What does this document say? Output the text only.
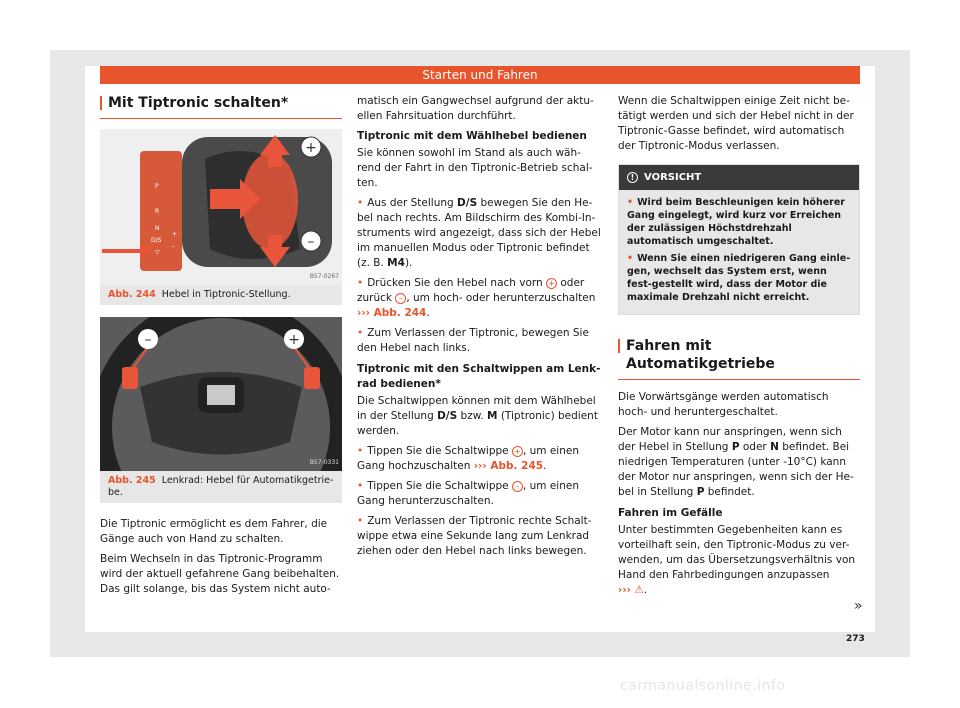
Starten und Fahren
Mit Tiptronic schalten*
+
–
P
R
N
D/S
▽
+
–
B57-0267
Abb. 244 Hebel in Tiptronic-Stellung.
–	+
B57-0331
Abb. 245 Lenkrad: Hebel für Automatikgetrie-be.

Die Tiptronic ermöglicht es dem Fahrer, die Gänge auch von Hand zu schalten.

Beim Wechseln in das Tiptronic-Programm wird der aktuell gefahrene Gang beibehalten. Das gilt solange, bis das System nicht auto-

matisch ein Gangwechsel aufgrund der aktu-ellen Fahrsituation durchführt.

Tiptronic mit dem Wählhebel bedienen

Sie können sowohl im Stand als auch wäh-rend der Fahrt in den Tiptronic-Betrieb schal-ten.

• Aus der Stellung D/S bewegen Sie den He-bel nach rechts. Am Bildschirm des Kombi-In-struments wird angezeigt, dass sich der Hebel im manuellen Modus oder Tiptronic befindet (z. B. M4).

• Drücken Sie den Hebel nach vorn + oder zurück – , um hoch- oder herunterzuschalten ››› Abb. 244.

• Zum Verlassen der Tiptronic, bewegen Sie den Hebel nach links.

Tiptronic mit den Schaltwippen am Lenk-rad bedienen*

Die Schaltwippen können mit dem Wählhebel in der Stellung D/S bzw. M (Tiptronic) bedient werden.

• Tippen Sie die Schaltwippe + , um einen Gang hochzuschalten ››› Abb. 245.

• Tippen Sie die Schaltwippe – , um einen Gang herunterzuschalten.

• Zum Verlassen der Tiptronic rechte Schalt-wippe etwa eine Sekunde lang zum Lenkrad ziehen oder den Hebel nach links bewegen.

Wenn die Schaltwippen einige Zeit nicht be-tätigt werden und sich der Hebel nicht in der Tiptronic-Gasse befindet, wird automatisch der Tiptronic-Modus verlassen.

! VORSICHT
• Wird beim Beschleunigen kein höherer Gang eingelegt, wird kurz vor Erreichen der zulässigen Höchstdrehzahl automatisch umgeschaltet.
• Wenn Sie einen niedrigeren Gang einle-gen, wechselt das System erst, wenn fest-gestellt wird, dass der Motor die maximale Drehzahl nicht erreicht.
Fahren mit Automatikgetriebe

Die Vorwärtsgänge werden automatisch hoch- und heruntergeschaltet.

Der Motor kann nur anspringen, wenn sich der Hebel in Stellung P oder N befindet. Bei niedrigen Temperaturen (unter -10°C) kann der Motor nur anspringen, wenn sich der He-bel in Stellung P befindet.

Fahren im Gefälle

Unter bestimmten Gegebenheiten kann es vorteilhaft sein, den Tiptronic-Modus zu ver-wenden, um das Übersetzungsverhältnis von Hand den Fahrbedingungen anzupassen
››› ⚠.

»
273
carmanualsonline.info
